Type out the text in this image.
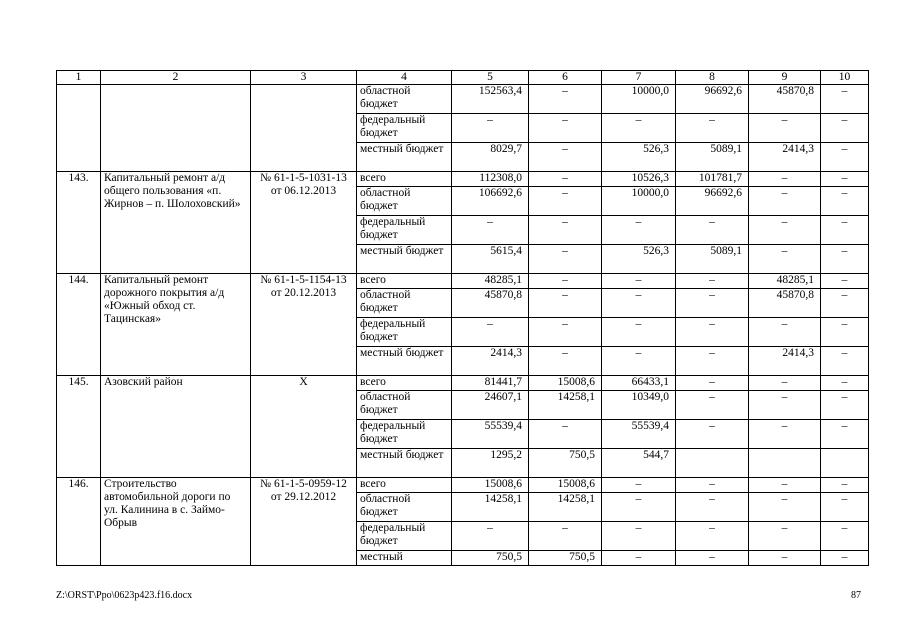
1	2	3	4	5	6	7	8	9	10
			областной бюджет	152563,4	–	10000,0	96692,6	45870,8	–
			федеральный бюджет	–	–	–	–	–	–
			местный бюджет	8029,7	–	526,3	5089,1	2414,3	–
143.	Капитальный ремонт а/д общего пользования «п. Жирнов – п. Шолоховский»	№ 61-1-5-1031-13 от 06.12.2013	всего	112308,0	–	10526,3	101781,7	–	–
			областной бюджет	106692,6	–	10000,0	96692,6	–	–
			федеральный бюджет	–	–	–	–	–	–
			местный бюджет	5615,4	–	526,3	5089,1	–	–
144.	Капитальный ремонт дорожного покрытия а/д «Южный обход ст. Тацинская»	№ 61-1-5-1154-13 от 20.12.2013	всего	48285,1	–	–	–	48285,1	–
			областной бюджет	45870,8	–	–	–	45870,8	–
			федеральный бюджет	–	–	–	–	–	–
			местный бюджет	2414,3	–	–	–	2414,3	–
145.	Азовский район	Х	всего	81441,7	15008,6	66433,1	–	–	–
			областной бюджет	24607,1	14258,1	10349,0	–	–	–
			федеральный бюджет	55539,4	–	55539,4	–	–	–
			местный бюджет	1295,2	750,5	544,7			
146.	Строительство автомобильной дороги по ул. Калинина в с. Займо-Обрыв	№ 61-1-5-0959-12 от 29.12.2012	всего	15008,6	15008,6	–	–	–	–
			областной бюджет	14258,1	14258,1	–	–	–	–
			федеральный бюджет	–	–	–	–	–	–
			местный	750,5	750,5	–	–	–	–
Z:\ORST\Ppo\0623p423.f16.docx	87
